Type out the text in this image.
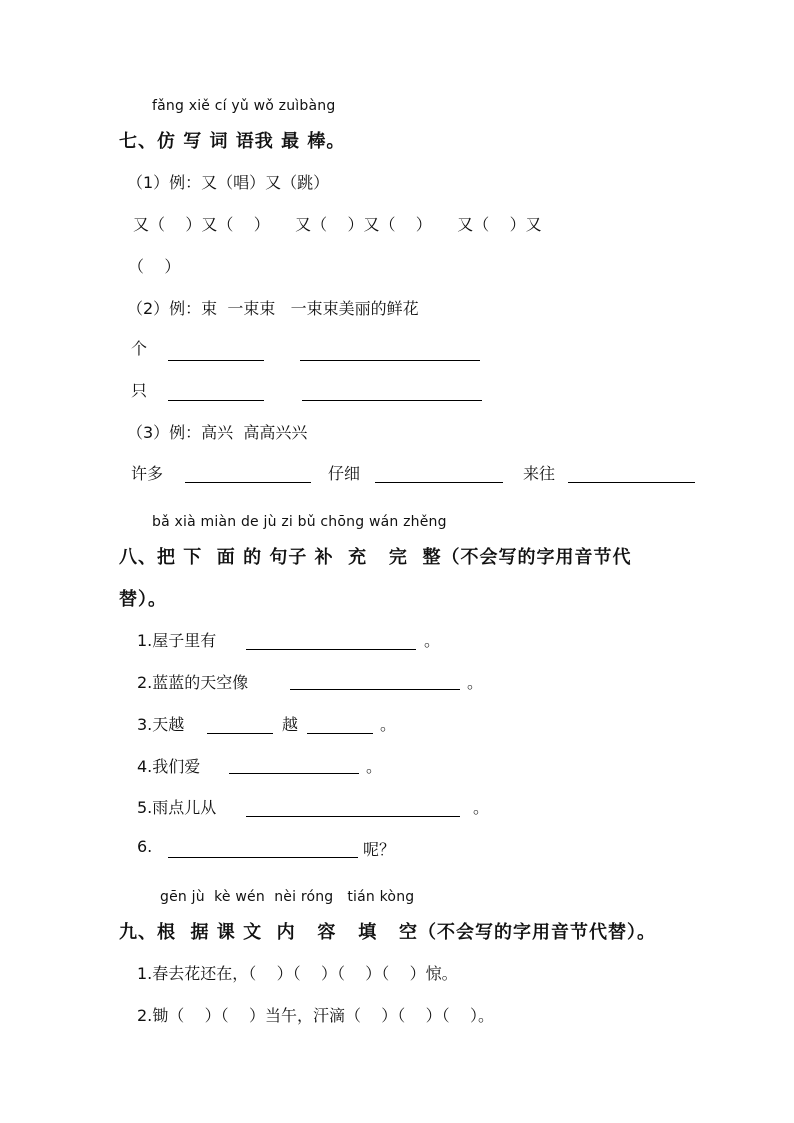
fǎng xiě cí yǔ wǒ zuìbàng
七、仿 写 词 语我 最 棒。
（1）例：又（唱）又（跳）
又（    ）又（    ）     又（    ）又（    ）     又（    ）又
（    ）
（2）例：束  一束束   一束束美丽的鲜花
个
只
（3）例：高兴  高高兴兴
许多	仔细	来往
bǎ xià miàn de jù zi bǔ chōng wán zhěng
八、把 下  面 的 句子 补  充   完  整（不会写的字用音节代
替）。
1.屋子里有	。
2.蓝蓝的天空像	。
3.天越	越	。
4.我们爱	。
5.雨点儿从	。
6.	呢？
gēn jù  kè wén  nèi róng   tián kòng
九、根  据 课 文  内   容   填   空（不会写的字用音节代替）。
1.春去花还在，（    ）（    ）（    ）（    ）惊。
2.锄（    ）（    ）当午，汗滴（    ）（    ）（    ）。
